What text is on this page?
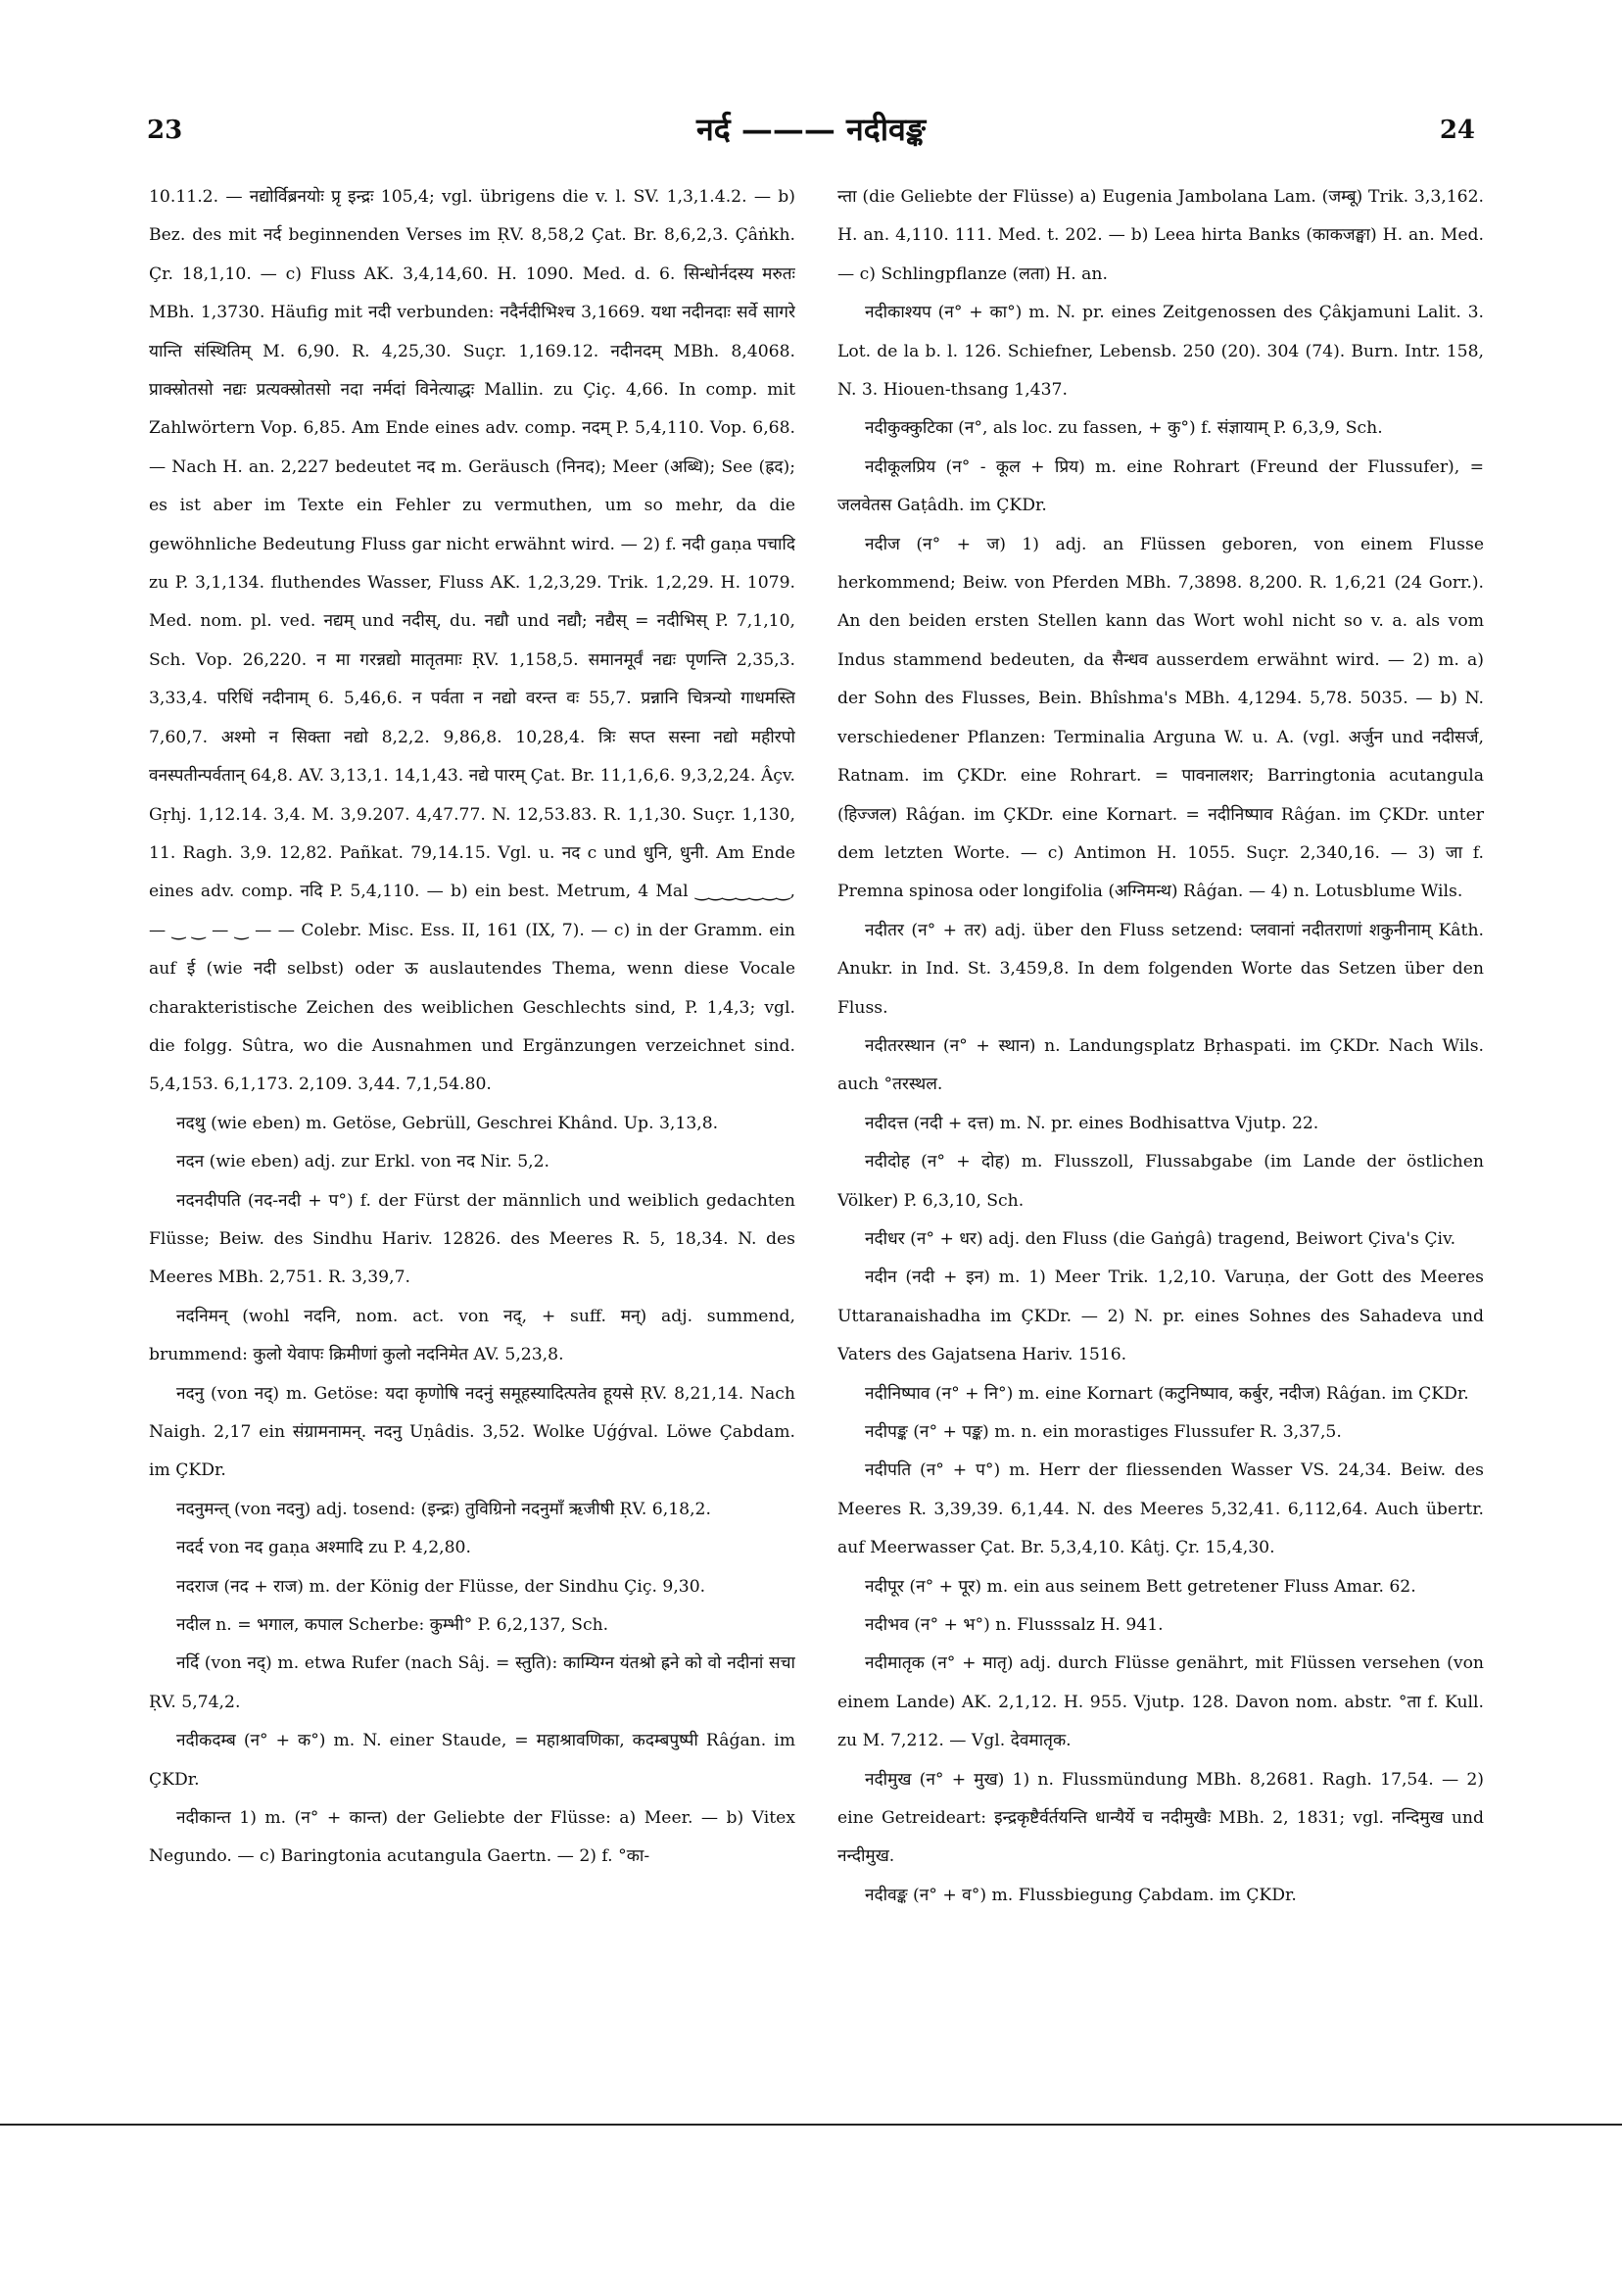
23	नर्द ——— नदीवङ्क	24

10.11.2. — नद्योर्विब्रनयोः प्रृ इन्द्रः 105,4; vgl. übrigens die v. l. SV. 1,3,1.4.2. — b) Bez. des mit नर्द beginnenden Verses im ṚV. 8,58,2 Çat. Br. 8,6,2,3. Çâṅkh. Çr. 18,1,10. — c) Fluss AK. 3,4,14,60. H. 1090. Med. d. 6. सिन्धोर्नदस्य मरुतः MBh. 1,3730. Häufig mit नदी verbunden: नदैर्नदीभिश्च 3,1669. यथा नदीनदाः सर्वे सागरे यान्ति संस्थितिम् M. 6,90. R. 4,25,30. Suçr. 1,169.12. नदीनदम् MBh. 8,4068. प्राक्स्रोतसो नद्यः प्रत्यक्स्रोतसो नदा नर्मदां विनेत्याद्धः Mallin. zu Çiç. 4,66. In comp. mit Zahlwörtern Vop. 6,85. Am Ende eines adv. comp. नदम् P. 5,4,110. Vop. 6,68. — Nach H. an. 2,227 bedeutet नद m. Geräusch (निनद); Meer (अब्धि); See (ह्रद); es ist aber im Texte ein Fehler zu vermuthen, um so mehr, da die gewöhnliche Bedeutung Fluss gar nicht erwähnt wird. — 2) f. नदी gaṇa पचादि zu P. 3,1,134. fluthendes Wasser, Fluss AK. 1,2,3,29. Trik. 1,2,29. H. 1079. Med. nom. pl. ved. नद्यम् und नदीस्, du. नद्यौ und नद्यौ; नद्यैस् = नदीभिस् P. 7,1,10, Sch. Vop. 26,220. न मा गरन्नद्यो मातृतमाः ṚV. 1,158,5. समानमूर्वं नद्यः पृणन्ति 2,35,3. 3,33,4. परिधिं नदीनाम् 6. 5,46,6. न पर्वता न नद्यो वरन्त वः 55,7. प्रन्नानि चित्रन्यो गाधमस्ति 7,60,7. अश्मो न सिक्ता नद्यो 8,2,2. 9,86,8. 10,28,4. त्रिः सप्त सस्ना नद्यो महीरपो वनस्पतीन्पर्वतान् 64,8. AV. 3,13,1. 14,1,43. नद्ये पारम् Çat. Br. 11,1,6,6. 9,3,2,24. Âçv. Gṛhj. 1,12.14. 3,4. M. 3,9.207. 4,47.77. N. 12,53.83. R. 1,1,30. Suçr. 1,130, 11. Ragh. 3,9. 12,82. Pañkat. 79,14.15. Vgl. u. नद c und धुनि, धुनी. Am Ende eines adv. comp. नदि P. 5,4,110. — b) ein best. Metrum, 4 Mal ‿‿‿‿‿‿‿, — ‿ ‿ — ‿ — — Colebr. Misc. Ess. II, 161 (IX, 7). — c) in der Gramm. ein auf ई (wie नदी selbst) oder ऊ auslautendes Thema, wenn diese Vocale charakteristische Zeichen des weiblichen Geschlechts sind, P. 1,4,3; vgl. die folgg. Sûtra, wo die Ausnahmen und Ergänzungen verzeichnet sind. 5,4,153. 6,1,173. 2,109. 3,44. 7,1,54.80.

नदथु (wie eben) m. Getöse, Gebrüll, Geschrei Khând. Up. 3,13,8.

नदन (wie eben) adj. zur Erkl. von नद Nir. 5,2.

नदनदीपति (नद-नदी + प°) f. der Fürst der männlich und weiblich gedachten Flüsse; Beiw. des Sindhu Hariv. 12826. des Meeres R. 5, 18,34. N. des Meeres MBh. 2,751. R. 3,39,7.

नदनिमन् (wohl नदनि, nom. act. von नद्, + suff. मन्) adj. summend, brummend: कुलो येवापः क्रिमीणां कुलो नदनिमेत AV. 5,23,8.

नदनु (von नद्) m. Getöse: यदा कृणोषि नदनुं समूहस्यादित्पतेव हूयसे ṚV. 8,21,14. Nach Naigh. 2,17 ein संग्रामनामन्. नदनु Uṇâdis. 3,52. Wolke Uǵǵval. Löwe Çabdam. im ÇKDr.

नदनुमन्त् (von नदनु) adj. tosend: (इन्द्रः) तुविग्रिनो नदनुमाँ ऋजीषी ṚV. 6,18,2.

नदर्द von नद gaṇa अश्मादि zu P. 4,2,80.

नदराज (नद + राज) m. der König der Flüsse, der Sindhu Çiç. 9,30.

नदील n. = भगाल, कपाल Scherbe: कुम्भी° P. 6,2,137, Sch.

नर्दि (von नद्) m. etwa Rufer (nach Sâj. = स्तुति): काम्यिग्न यंतश्रो ह्रने को वो नदीनां सचा ṚV. 5,74,2.

नदीकदम्ब (न° + क°) m. N. einer Staude, = महाश्रावणिका, कदम्बपुष्पी Râǵan. im ÇKDr.

नदीकान्त 1) m. (न° + कान्त) der Geliebte der Flüsse: a) Meer. — b) Vitex Negundo. — c) Baringtonia acutangula Gaertn. — 2) f. °का-

न्ता (die Geliebte der Flüsse) a) Eugenia Jambolana Lam. (जम्बू) Trik. 3,3,162. H. an. 4,110. 111. Med. t. 202. — b) Leea hirta Banks (काकजङ्घा) H. an. Med. — c) Schlingpflanze (लता) H. an.

नदीकाश्यप (न° + का°) m. N. pr. eines Zeitgenossen des Çâkjamuni Lalit. 3. Lot. de la b. l. 126. Schiefner, Lebensb. 250 (20). 304 (74). Burn. Intr. 158, N. 3. Hiouen-thsang 1,437.

नदीकुक्कुटिका (न°, als loc. zu fassen, + कु°) f. संज्ञायाम् P. 6,3,9, Sch.

नदीकूलप्रिय (न° - कूल + प्रिय) m. eine Rohrart (Freund der Flussufer), = जलवेतस Gaṭâdh. im ÇKDr.

नदीज (न° + ज) 1) adj. an Flüssen geboren, von einem Flusse herkommend; Beiw. von Pferden MBh. 7,3898. 8,200. R. 1,6,21 (24 Gorr.). An den beiden ersten Stellen kann das Wort wohl nicht so v. a. als vom Indus stammend bedeuten, da सैन्धव ausserdem erwähnt wird. — 2) m. a) der Sohn des Flusses, Bein. Bhîshma's MBh. 4,1294. 5,78. 5035. — b) N. verschiedener Pflanzen: Terminalia Arguna W. u. A. (vgl. अर्जुन und नदीसर्ज, Ratnam. im ÇKDr. eine Rohrart. = पावनालशर; Barringtonia acutangula (हिज्जल) Râǵan. im ÇKDr. eine Kornart. = नदीनिष्पाव Râǵan. im ÇKDr. unter dem letzten Worte. — c) Antimon H. 1055. Suçr. 2,340,16. — 3) जा f. Premna spinosa oder longifolia (अग्निमन्थ) Râǵan. — 4) n. Lotusblume Wils.

नदीतर (न° + तर) adj. über den Fluss setzend: प्लवानां नदीतराणां शकुनीनाम् Kâth. Anukr. in Ind. St. 3,459,8. In dem folgenden Worte das Setzen über den Fluss.

नदीतरस्थान (न° + स्थान) n. Landungsplatz Bṛhaspati. im ÇKDr. Nach Wils. auch °तरस्थल.

नदीदत्त (नदी + दत्त) m. N. pr. eines Bodhisattva Vjutp. 22.

नदीदोह (न° + दोह) m. Flusszoll, Flussabgabe (im Lande der östlichen Völker) P. 6,3,10, Sch.

नदीधर (न° + धर) adj. den Fluss (die Gaṅgâ) tragend, Beiwort Çiva's Çiv.

नदीन (नदी + इन) m. 1) Meer Trik. 1,2,10. Varuṇa, der Gott des Meeres Uttaranaishadha im ÇKDr. — 2) N. pr. eines Sohnes des Sahadeva und Vaters des Gajatsena Hariv. 1516.

नदीनिष्पाव (न° + नि°) m. eine Kornart (कटुनिष्पाव, कर्बुर, नदीज) Râǵan. im ÇKDr.

नदीपङ्क (न° + पङ्क) m. n. ein morastiges Flussufer R. 3,37,5.

नदीपति (न° + प°) m. Herr der fliessenden Wasser VS. 24,34. Beiw. des Meeres R. 3,39,39. 6,1,44. N. des Meeres 5,32,41. 6,112,64. Auch übertr. auf Meerwasser Çat. Br. 5,3,4,10. Kâtj. Çr. 15,4,30.

नदीपूर (न° + पूर) m. ein aus seinem Bett getretener Fluss Amar. 62.

नदीभव (न° + भ°) n. Flusssalz H. 941.

नदीमातृक (न° + मातृ) adj. durch Flüsse genährt, mit Flüssen versehen (von einem Lande) AK. 2,1,12. H. 955. Vjutp. 128. Davon nom. abstr. °ता f. Kull. zu M. 7,212. — Vgl. देवमातृक.

नदीमुख (न° + मुख) 1) n. Flussmündung MBh. 8,2681. Ragh. 17,54. — 2) eine Getreideart: इन्द्रकृष्टैर्वर्तयन्ति धान्यैर्ये च नदीमुखैः MBh. 2, 1831; vgl. नन्दिमुख und नन्दीमुख.

नदीवङ्क (न° + व°) m. Flussbiegung Çabdam. im ÇKDr.
